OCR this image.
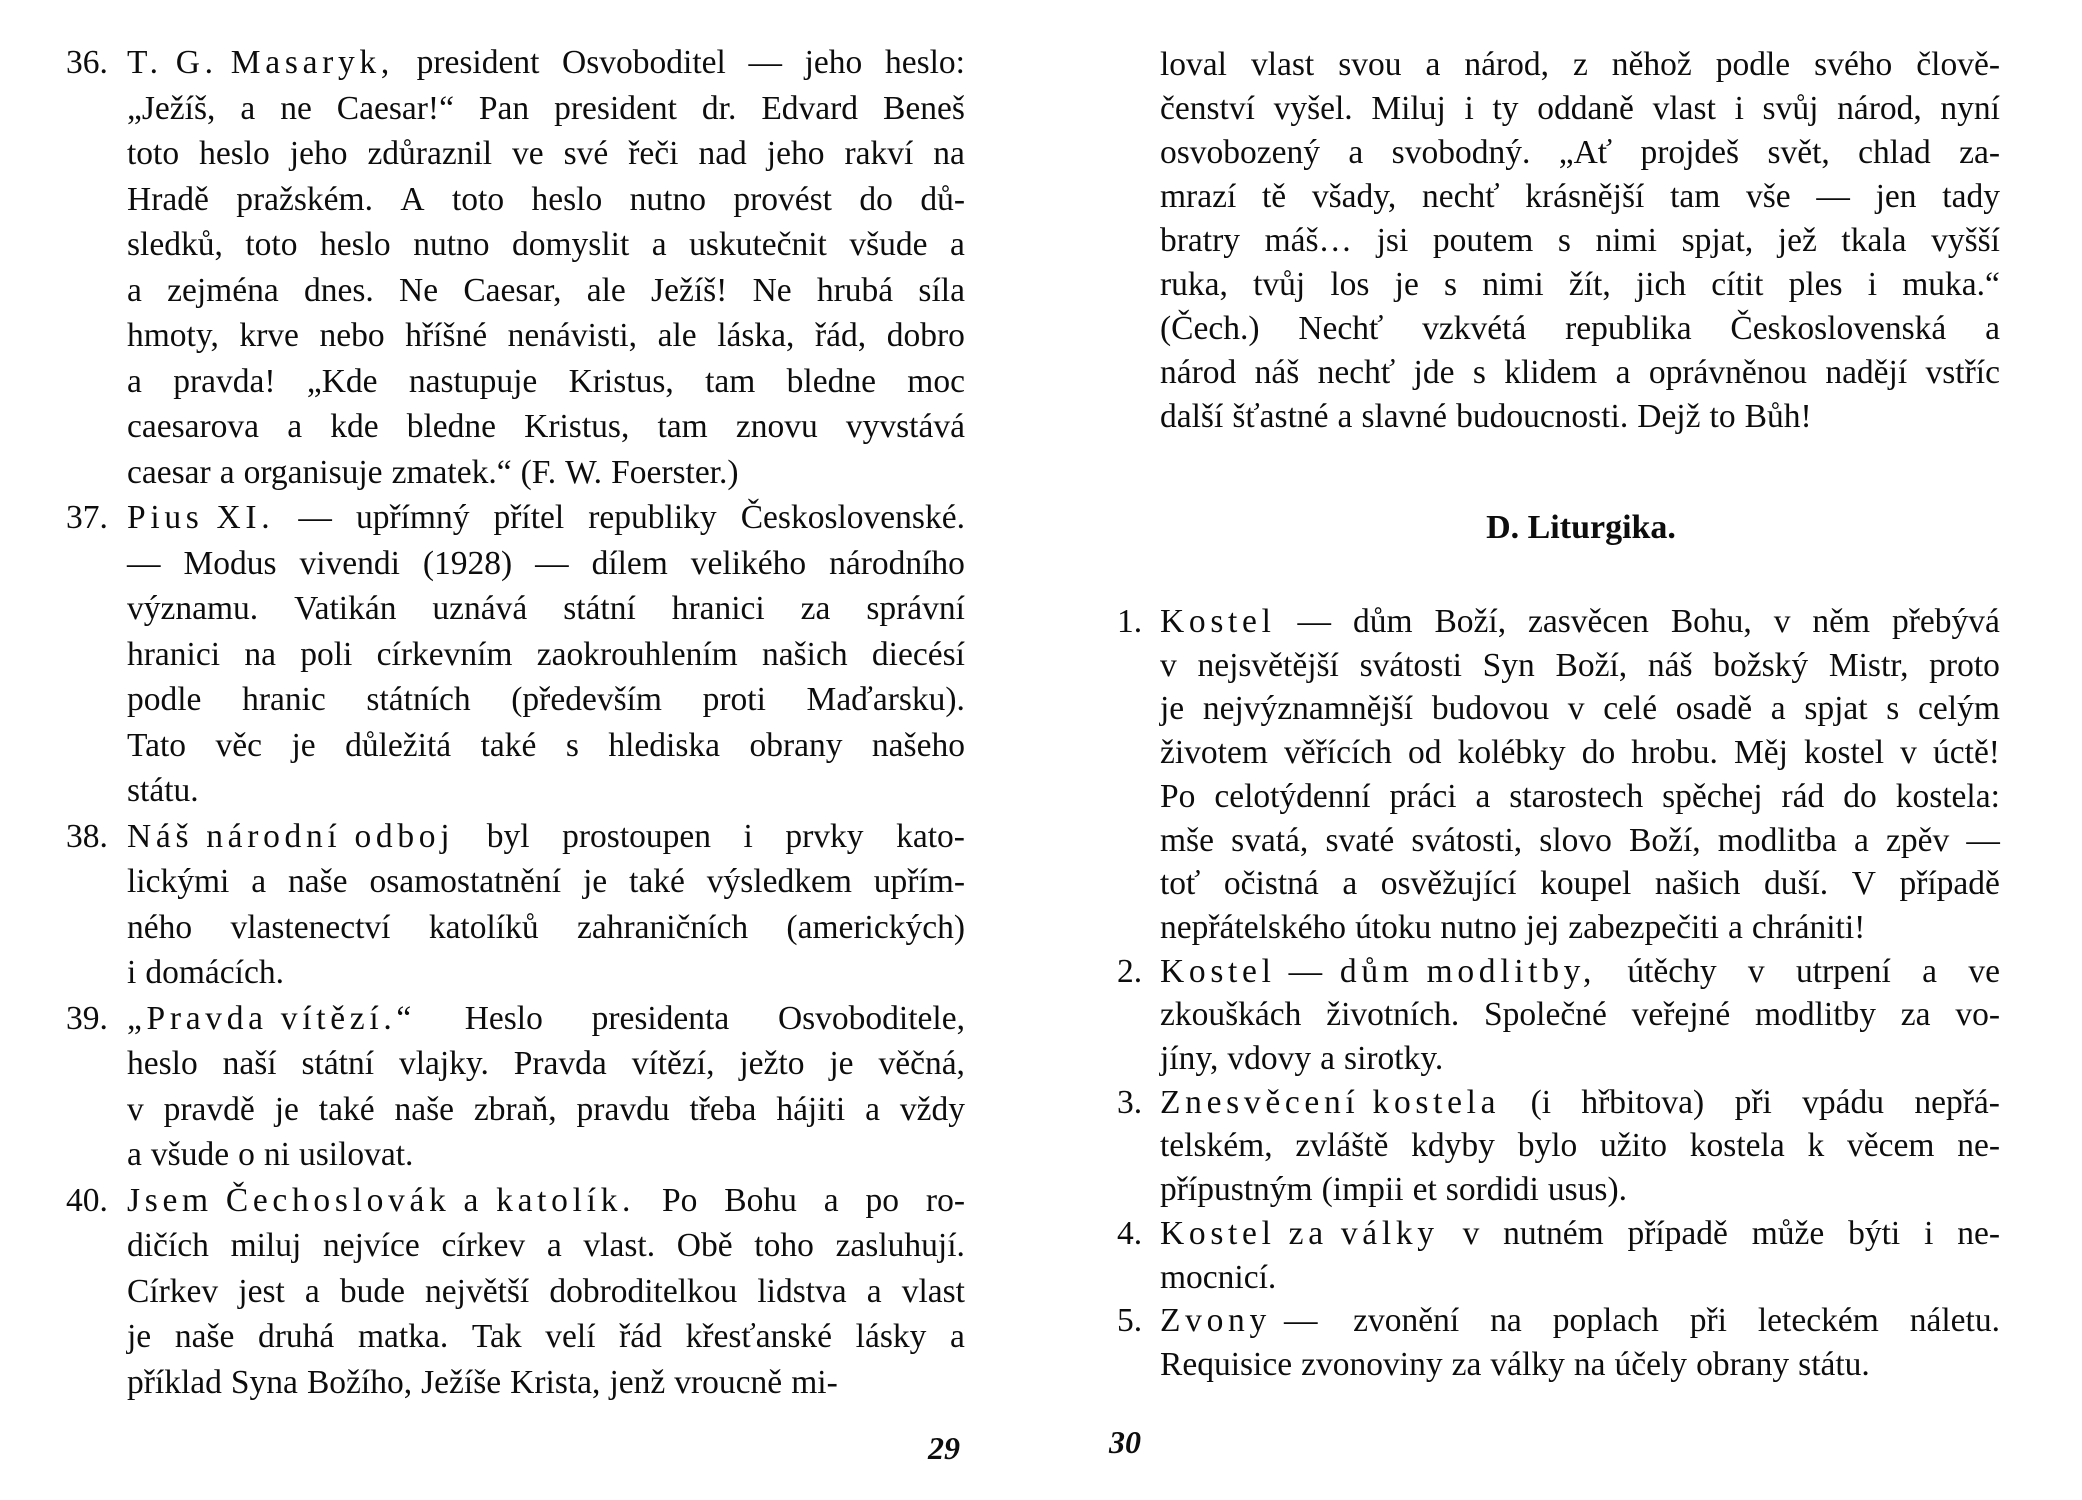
36. T. G. Masaryk, president Osvoboditel — jeho heslo:
„Ježíš, a ne Caesar!“ Pan president dr. Edvard Beneš
toto heslo jeho zdůraznil ve své řeči nad jeho rakví na
Hradě pražském. A toto heslo nutno provést do dů-
sledků, toto heslo nutno domyslit a uskutečnit všude a
a zejména dnes. Ne Caesar, ale Ježíš! Ne hrubá síla
hmoty, krve nebo hříšné nenávisti, ale láska, řád, dobro
a pravda! „Kde nastupuje Kristus, tam bledne moc
caesarova a kde bledne Kristus, tam znovu vyvstává
caesar a organisuje zmatek.“ (F. W. Foerster.)
37. Pius XI. — upřímný přítel republiky Československé.
— Modus vivendi (1928) — dílem velikého národního
významu. Vatikán uznává státní hranici za správní
hranici na poli církevním zaokrouhlením našich diecésí
podle hranic státních (především proti Maďarsku).
Tato věc je důležitá také s hlediska obrany našeho
státu.
38. Náš národní odboj byl prostoupen i prvky kato-
lickými a naše osamostatnění je také výsledkem upřím-
ného vlastenectví katolíků zahraničních (amerických)
i domácích.
39. „Pravda vítězí.“ Heslo presidenta Osvoboditele,
heslo naší státní vlajky. Pravda vítězí, ježto je věčná,
v pravdě je také naše zbraň, pravdu třeba hájiti a vždy
a všude o ni usilovat.
40. Jsem Čechoslovák a katolík. Po Bohu a po ro-
dičích miluj nejvíce církev a vlast. Obě toho zasluhují.
Církev jest a bude největší dobroditelkou lidstva a vlast
je naše druhá matka. Tak velí řád křesťanské lásky a
příklad Syna Božího, Ježíše Krista, jenž vroucně mi-
29
loval vlast svou a národ, z něhož podle svého člově-
čenství vyšel. Miluj i ty oddaně vlast i svůj národ, nyní
osvobozený a svobodný. „Ať projdeš svět, chlad za-
mrazí tě všady, nechť krásnější tam vše — jen tady
bratry máš… jsi poutem s nimi spjat, jež tkala vyšší
ruka, tvůj los je s nimi žít, jich cítit ples i muka.“
(Čech.) Nechť vzkvétá republika Československá a
národ náš nechť jde s klidem a oprávněnou nadějí vstříc
další šťastné a slavné budoucnosti. Dejž to Bůh!
D. Liturgika.
1. Kostel — dům Boží, zasvěcen Bohu, v něm přebývá
v nejsvětější svátosti Syn Boží, náš božský Mistr, proto
je nejvýznamnější budovou v celé osadě a spjat s celým
životem věřících od kolébky do hrobu. Měj kostel v úctě!
Po celotýdenní práci a starostech spěchej rád do kostela:
mše svatá, svaté svátosti, slovo Boží, modlitba a zpěv —
toť očistná a osvěžující koupel našich duší. V případě
nepřátelského útoku nutno jej zabezpečiti a chrániti!
2. Kostel — dům modlitby, útěchy v utrpení a ve
zkouškách životních. Společné veřejné modlitby za vo-
jíny, vdovy a sirotky.
3. Znesvěcení kostela (i hřbitova) při vpádu nepřá-
telském, zvláště kdyby bylo užito kostela k věcem ne-
přípustným (impii et sordidi usus).
4. Kostel za války v nutném případě může býti i ne-
mocnicí.
5. Zvony — zvonění na poplach při leteckém náletu.
Requisice zvonoviny za války na účely obrany státu.
30
